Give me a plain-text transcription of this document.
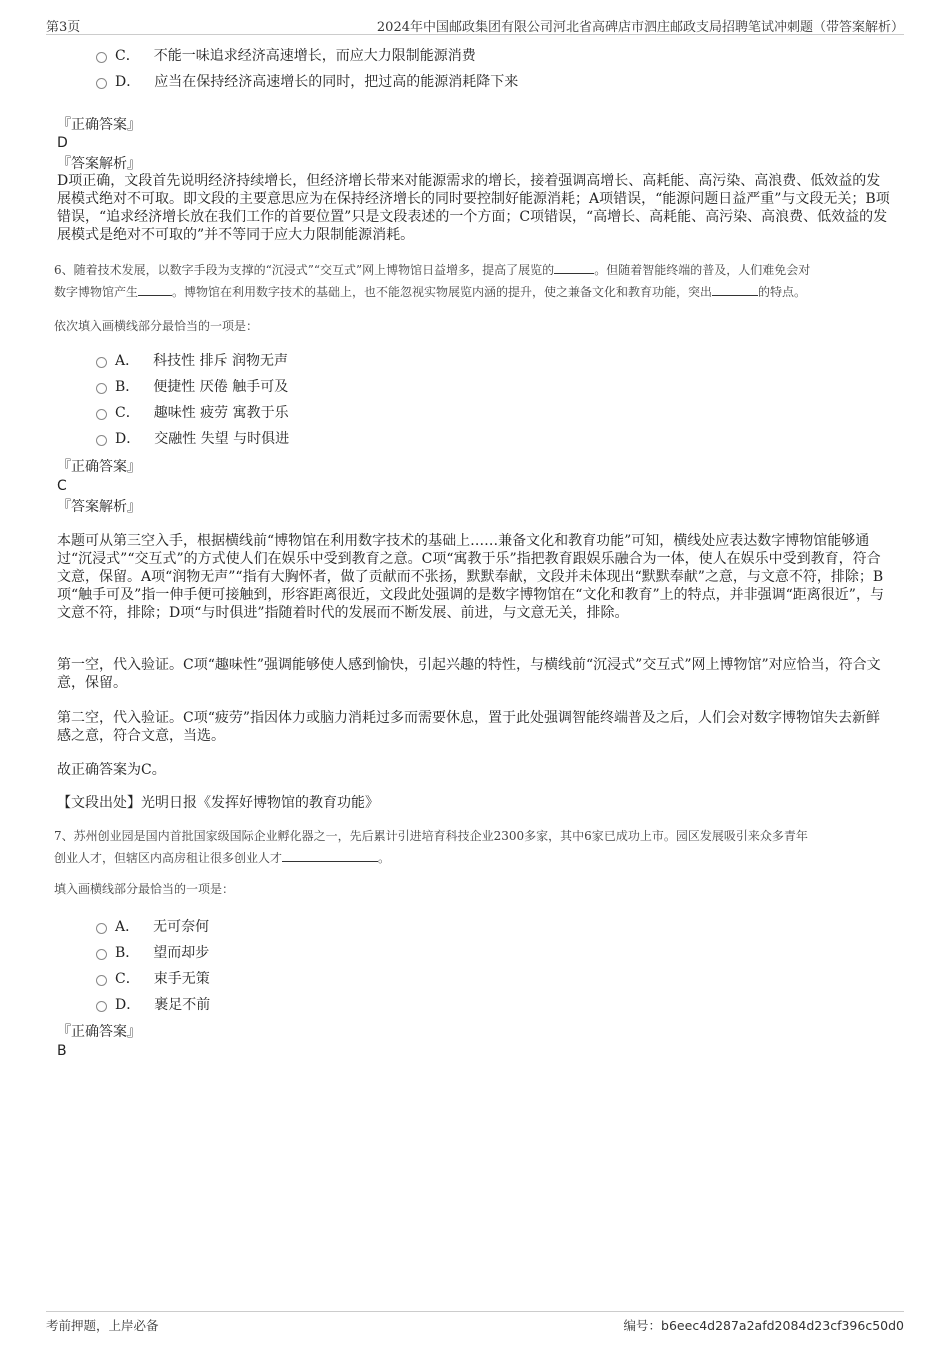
第3页	2024年中国邮政集团有限公司河北省高碑店市泗庄邮政支局招聘笔试冲刺题（带答案解析）
C． 不能一味追求经济高速增长，而应大力限制能源消费
D． 应当在保持经济高速增长的同时，把过高的能源消耗降下来
『正确答案』
D
『答案解析』
D项正确，文段首先说明经济持续增长，但经济增长带来对能源需求的增长，接着强调高增长、高耗能、高污染、高浪费、低效益的发展模式绝对不可取。即文段的主要意思应为在保持经济增长的同时要控制好能源消耗；A项错误，“能源问题日益严重”与文段无关；B项错误，“追求经济增长放在我们工作的首要位置”只是文段表述的一个方面；C项错误，“高增长、高耗能、高污染、高浪费、低效益的发展模式是绝对不可取的”并不等同于应大力限制能源消耗。
6、随着技术发展，以数字手段为支撑的“沉浸式”“交互式”网上博物馆日益增多，提高了展览的	。但随着智能终端的普及，人们难免会对
数字博物馆产生	。博物馆在利用数字技术的基础上，也不能忽视实物展览内涵的提升，使之兼备文化和教育功能，突出	的特点。
依次填入画横线部分最恰当的一项是：
A． 科技性 排斥 润物无声
B． 便捷性 厌倦 触手可及
C． 趣味性 疲劳 寓教于乐
D． 交融性 失望 与时俱进
『正确答案』
C
『答案解析』
本题可从第三空入手，根据横线前“博物馆在利用数字技术的基础上……兼备文化和教育功能”可知，横线处应表达数字博物馆能够通过“沉浸式”“交互式”的方式使人们在娱乐中受到教育之意。C项“寓教于乐”指把教育跟娱乐融合为一体，使人在娱乐中受到教育，符合文意，保留。A项“润物无声”“指有大胸怀者，做了贡献而不张扬，默默奉献，文段并未体现出“默默奉献”之意，与文意不符，排除；B项“触手可及”指一伸手便可接触到，形容距离很近，文段此处强调的是数字博物馆在“文化和教育”上的特点，并非强调“距离很近”，与文意不符，排除；D项“与时俱进”指随着时代的发展而不断发展、前进，与文意无关，排除。
第一空，代入验证。C项“趣味性”强调能够使人感到愉快，引起兴趣的特性，与横线前“沉浸式”交互式”网上博物馆”对应恰当，符合文意，保留。
第二空，代入验证。C项“疲劳”指因体力或脑力消耗过多而需要休息，置于此处强调智能终端普及之后，人们会对数字博物馆失去新鲜感之意，符合文意，当选。
故正确答案为C。
【文段出处】光明日报《发挥好博物馆的教育功能》
7、苏州创业园是国内首批国家级国际企业孵化器之一，先后累计引进培育科技企业2300多家，其中6家已成功上市。园区发展吸引来众多青年
创业人才，但辖区内高房租让很多创业人才	。
填入画横线部分最恰当的一项是：
A． 无可奈何
B． 望而却步
C． 束手无策
D． 裹足不前
『正确答案』
B
考前押题，上岸必备	编号：b6eec4d287a2afd2084d23cf396c50d0
